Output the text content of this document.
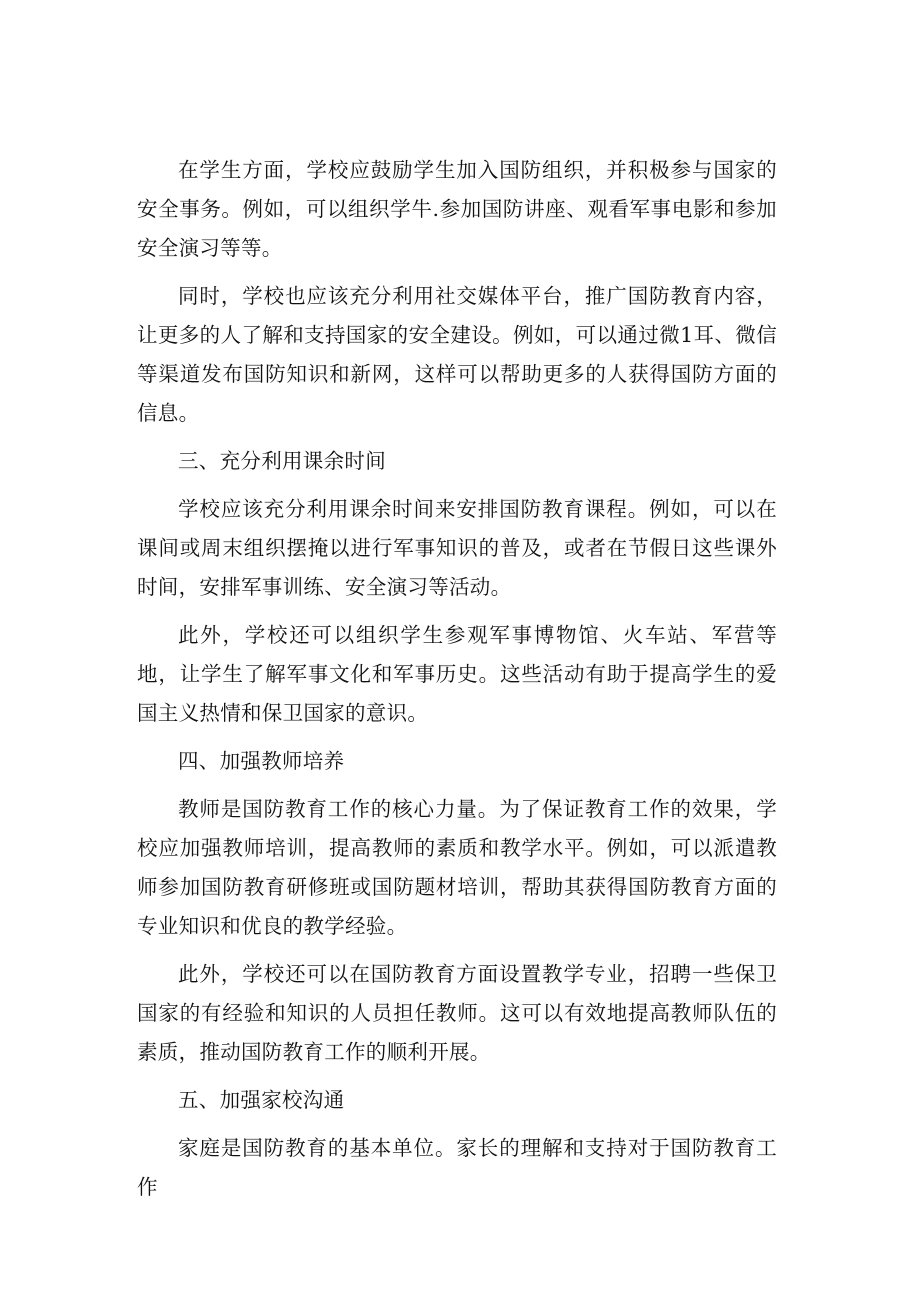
在学生方面，学校应鼓励学生加入国防组织，并积极参与国家的安全事务。例如，可以组织学牛.参加国防讲座、观看军事电影和参加安全演习等等。

同时，学校也应该充分利用社交媒体平台，推广国防教育内容，让更多的人了解和支持国家的安全建设。例如，可以通过微1耳、微信等渠道发布国防知识和新网，这样可以帮助更多的人获得国防方面的信息。

三、充分利用课余时间

学校应该充分利用课余时间来安排国防教育课程。例如，可以在课间或周末组织摆掩以进行军事知识的普及，或者在节假日这些课外时间，安排军事训练、安全演习等活动。

此外，学校还可以组织学生参观军事博物馆、火车站、军营等地，让学生了解军事文化和军事历史。这些活动有助于提高学生的爱国主义热情和保卫国家的意识。

四、加强教师培养

教师是国防教育工作的核心力量。为了保证教育工作的效果，学校应加强教师培训，提高教师的素质和教学水平。例如，可以派遣教师参加国防教育研修班或国防题材培训，帮助其获得国防教育方面的专业知识和优良的教学经验。

此外，学校还可以在国防教育方面设置教学专业，招聘一些保卫国家的有经验和知识的人员担任教师。这可以有效地提高教师队伍的素质，推动国防教育工作的顺利开展。

五、加强家校沟通

家庭是国防教育的基本单位。家长的理解和支持对于国防教育工作
